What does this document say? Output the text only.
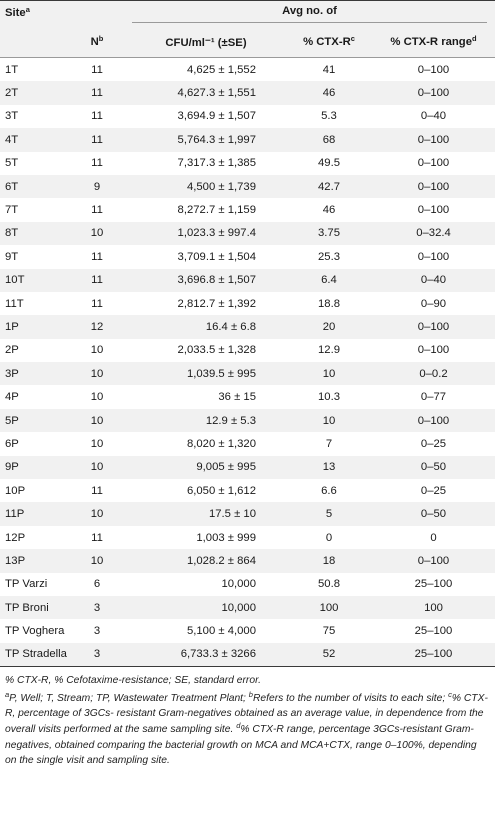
Site$^a$		Avg no. of		

	$N^b$	CFU/ml⁻¹ (±SE)	% CTX-$R^c$	% CTX-R range$^d$
1T	11	4,625 ± 1,552	41	0–100
2T	11	4,627.3 ± 1,551	46	0–100
3T	11	3,694.9 ± 1,507	5.3	0–40
4T	11	5,764.3 ± 1,997	68	0–100
5T	11	7,317.3 ± 1,385	49.5	0–100
6T	9	4,500 ± 1,739	42.7	0–100
7T	11	8,272.7 ± 1,159	46	0–100
8T	10	1,023.3 ± 997.4	3.75	0–32.4
9T	11	3,709.1 ± 1,504	25.3	0–100
10T	11	3,696.8 ± 1,507	6.4	0–40
11T	11	2,812.7 ± 1,392	18.8	0–90
1P	12	16.4 ± 6.8	20	0–100
2P	10	2,033.5 ± 1,328	12.9	0–100
3P	10	1,039.5 ± 995	10	0–0.2
4P	10	36 ± 15	10.3	0–77
5P	10	12.9 ± 5.3	10	0–100
6P	10	8,020 ± 1,320	7	0–25
9P	10	9,005 ± 995	13	0–50
10P	11	6,050 ± 1,612	6.6	0–25
11P	10	17.5 ± 10	5	0–50
12P	11	1,003 ± 999	0	0
13P	10	1,028.2 ± 864	18	0–100
TP Varzi	6	10,000	50.8	25–100
TP Broni	3	10,000	100	100
TP Voghera	3	5,100 ± 4,000	75	25–100
TP Stradella	3	6,733.3 ± 3266	52	25–100

% CTX-R, % Cefotaxime-resistance; SE, standard error.

$^a$P, Well; T, Stream; TP, Wastewater Treatment Plant; $^b$Refers to the number of visits to each site; $^c$% CTX-R, percentage of 3GCs- resistant Gram-negatives obtained as an average value, in dependence from the overall visits performed at the same sampling site. $^d$% CTX-R range, percentage 3GCs-resistant Gram-negatives, obtained comparing the bacterial growth on MCA and MCA+CTX, range 0–100%, depending on the single visit and sampling site.
